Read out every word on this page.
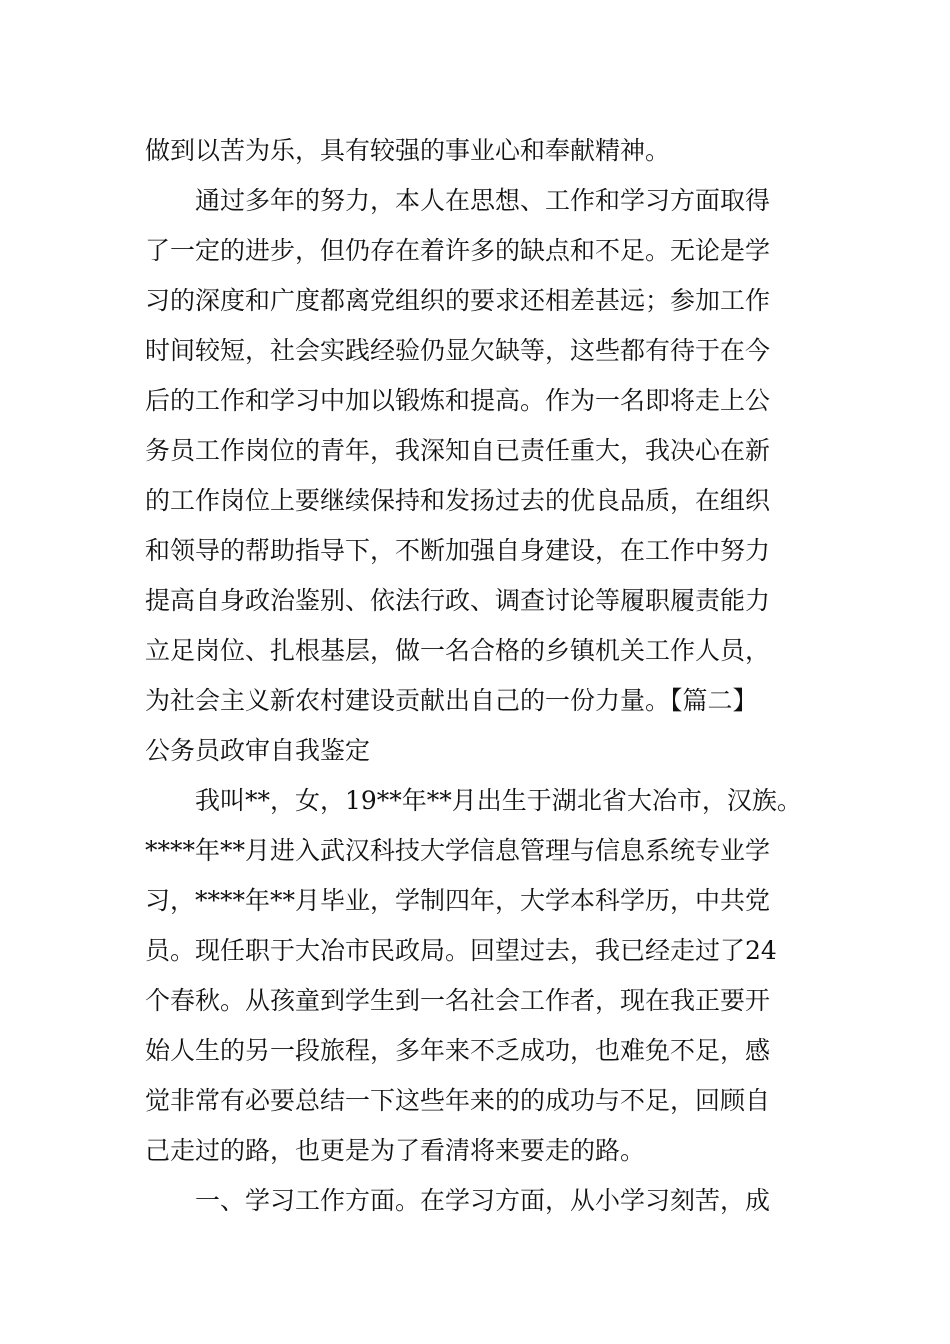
做到以苦为乐，具有较强的事业心和奉献精神。
通过多年的努力，本人在思想、工作和学习方面取得
了一定的进步，但仍存在着许多的缺点和不足。无论是学
习的深度和广度都离党组织的要求还相差甚远；参加工作
时间较短，社会实践经验仍显欠缺等，这些都有待于在今
后的工作和学习中加以锻炼和提高。作为一名即将走上公
务员工作岗位的青年，我深知自已责任重大，我决心在新
的工作岗位上要继续保持和发扬过去的优良品质，在组织
和领导的帮助指导下，不断加强自身建设，在工作中努力
提高自身政治鉴别、依法行政、调查讨论等履职履责能力
立足岗位、扎根基层，做一名合格的乡镇机关工作人员，
为社会主义新农村建设贡献出自己的一份力量。【篇二】
公务员政审自我鉴定
我叫**，女，19**年**月出生于湖北省大冶市，汉族。
****年**月进入武汉科技大学信息管理与信息系统专业学
习，****年**月毕业，学制四年，大学本科学历，中共党
员。现任职于大冶市民政局。回望过去，我已经走过了24
个春秋。从孩童到学生到一名社会工作者，现在我正要开
始人生的另一段旅程，多年来不乏成功，也难免不足，感
觉非常有必要总结一下这些年来的的成功与不足，回顾自
己走过的路，也更是为了看清将来要走的路。
一、学习工作方面。在学习方面，从小学习刻苦，成
